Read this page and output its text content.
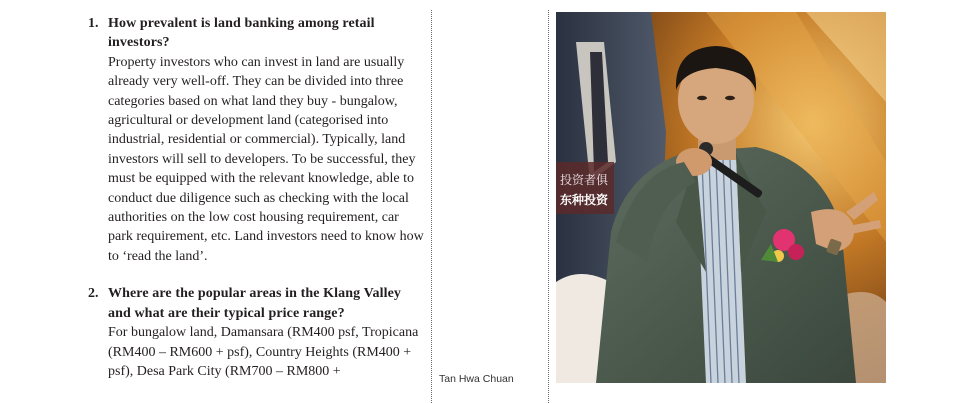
1. How prevalent is land banking among retail investors?
Property investors who can invest in land are usually already very well-off. They can be divided into three categories based on what land they buy - bungalow, agricultural or development land (categorised into industrial, residential or commercial). Typically, land investors will sell to developers. To be successful, they must be equipped with the relevant knowledge, able to conduct due diligence such as checking with the local authorities on the low cost housing requirement, car park requirement, etc. Land investors need to know how to ‘read the land’.
2. Where are the popular areas in the Klang Valley and what are their typical price range?
For bungalow land, Damansara (RM400 psf, Tropicana (RM400 – RM600 + psf), Country Heights (RM400 + psf), Desa Park City (RM700 – RM800 +
Tan Hwa Chuan
投资者俱
东种投资
